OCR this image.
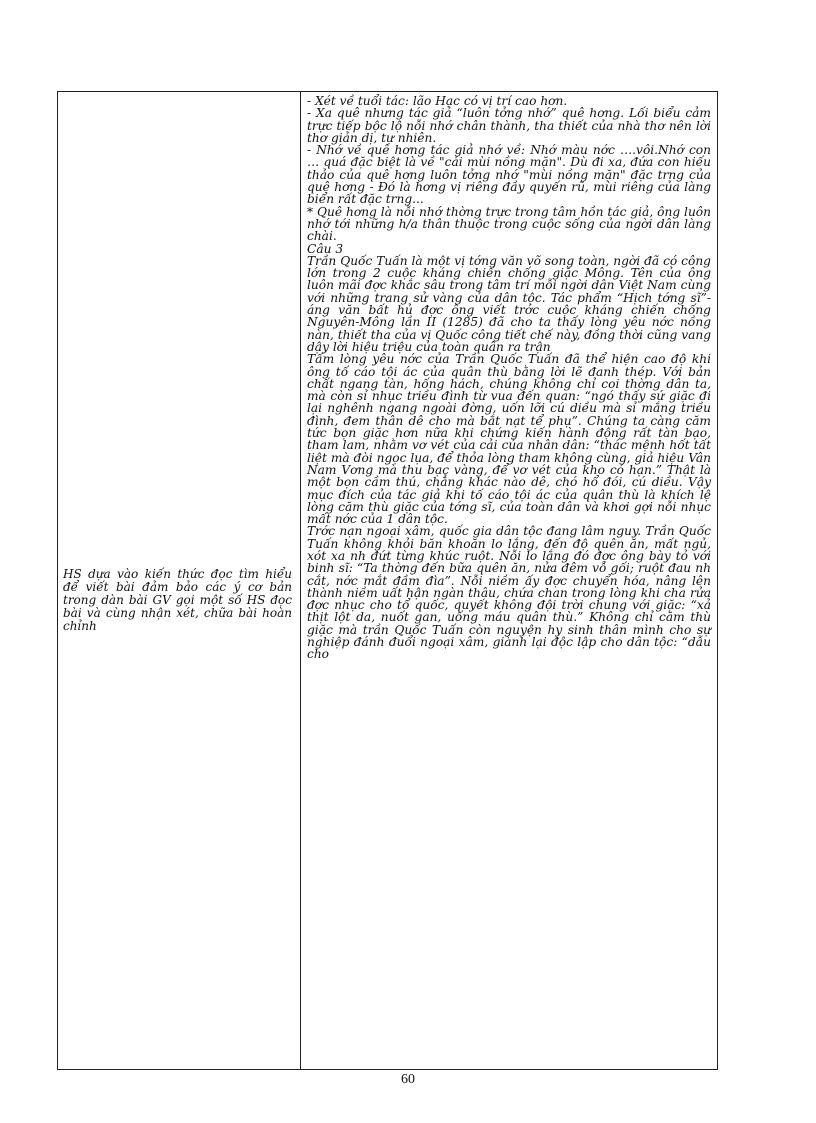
HS dựa vào kiến thức đọc tìm hiểu để viết bài đảm bảo các ý cơ bản trong dàn bài GV gọi một số HS đọc bài và cùng nhận xét, chữa bài hoàn chỉnh

- Xét về tuổi tác: lão Hạc có vị trí cao hơn.

- Xa quê nhưng tác giả “luôn tởng nhớ” quê hơng. Lối biểu cảm trực tiếp bộc lộ nỗi nhớ chân thành, tha thiết của nhà thơ nên lời thơ giản dị, tự nhiên.

- Nhớ về quê hơng tác giả nhớ về: Nhớ màu nớc ….vôi.Nhớ con … quá đặc biệt là về "cái mùi nồng mặn". Dù đi xa, đứa con hiếu thảo của quê hơng luôn tởng nhớ "mùi nồng mặn" đặc trng của quê hơng - Đó là hơng vị riêng đầy quyến rũ, mùi riêng của làng biển rất đặc trng...

* Quê hơng là nỗi nhớ thờng trực trong tâm hồn tác giả, ông luôn nhớ tới những h/a thân thuộc trong cuộc sống của ngời dân làng chài.

Câu 3

Trần Quốc Tuấn là một vị tớng văn võ song toàn, ngời đã có công lớn trong 2 cuộc kháng chiến chống giặc Mông. Tên của ông luôn mãi đợc khắc sâu trong tâm trí mỗi ngời dân Việt Nam cùng với những trang sử vàng của dân tộc. Tác phẩm “Hịch tớng sĩ”-áng văn bất hủ đợc ông viết trớc cuộc kháng chiến chống Nguyên-Mông lần II (1285) đã cho ta thấy lòng yêu nớc nồng nàn, thiết tha của vị Quốc công tiết chế này, đồng thời cũng vang dậy lời hiệu triệu của toàn quân ra trận

Tấm lòng yêu nớc của Trần Quốc Tuấn đã thể hiện cao độ khi ông tố cáo tội ác của quân thù bằng lời lẽ đanh thép. Với bản chất ngang tàn, hống hách, chúng không chỉ coi thờng dân ta, mà còn sỉ nhục triều đình từ vua đến quan: “ngó thấy sứ giặc đi lại nghênh ngang ngoài đờng, uốn lỡi cú diều mà sỉ mắng triều đình, đem thân dê cho mà bắt nạt tể phụ”. Chúng ta càng căm tức bọn giặc hơn nữa khi chứng kiến hành động rất tàn bạo, tham lam, nhằm vơ vét của cải của nhân dân: “thác mệnh hốt tất liệt mà đòi ngọc lụa, để thỏa lòng tham không cùng, giả hiệu Vân Nam Vơng mà thu bạc vàng, để vơ vét của kho có hạn.” Thật là một bọn cầm thú, chẳng khác nào dê, chó hổ đói, cú diều. Vậy mục đích của tác giả khi tố cáo tội ác của quân thù là khích lệ lòng căm thù giặc của tớng sĩ, của toàn dân và khơi gợi nỗi nhục mất nớc của 1 dân tộc.

Trớc nạn ngoại xâm, quốc gia dân tộc đang lâm nguy. Trần Quốc Tuấn không khỏi băn khoăn lo lắng, đến độ quên ăn, mất ngủ, xót xa nh đứt từng khúc ruột. Nỗi lo lắng đó đợc ông bày tỏ với binh sĩ: “Ta thờng đến bữa quên ăn, nửa đêm vỗ gối; ruột đau nh cắt, nớc mắt đầm đìa”. Nỗi niềm ấy đợc chuyển hóa, nâng lên thành niềm uất hận ngàn thâu, chứa chan trong lòng khi cha rửa đợc nhục cho tổ quốc, quyết không đội trời chung với giặc: “xả thịt lột da, nuốt gan, uống máu quân thù.” Không chỉ căm thù giặc mà trần Quốc Tuấn còn nguyện hy sinh thân mình cho sự nghiệp đánh đuổi ngoại xâm, giành lại độc lập cho dân tộc: “dẫu cho

60
